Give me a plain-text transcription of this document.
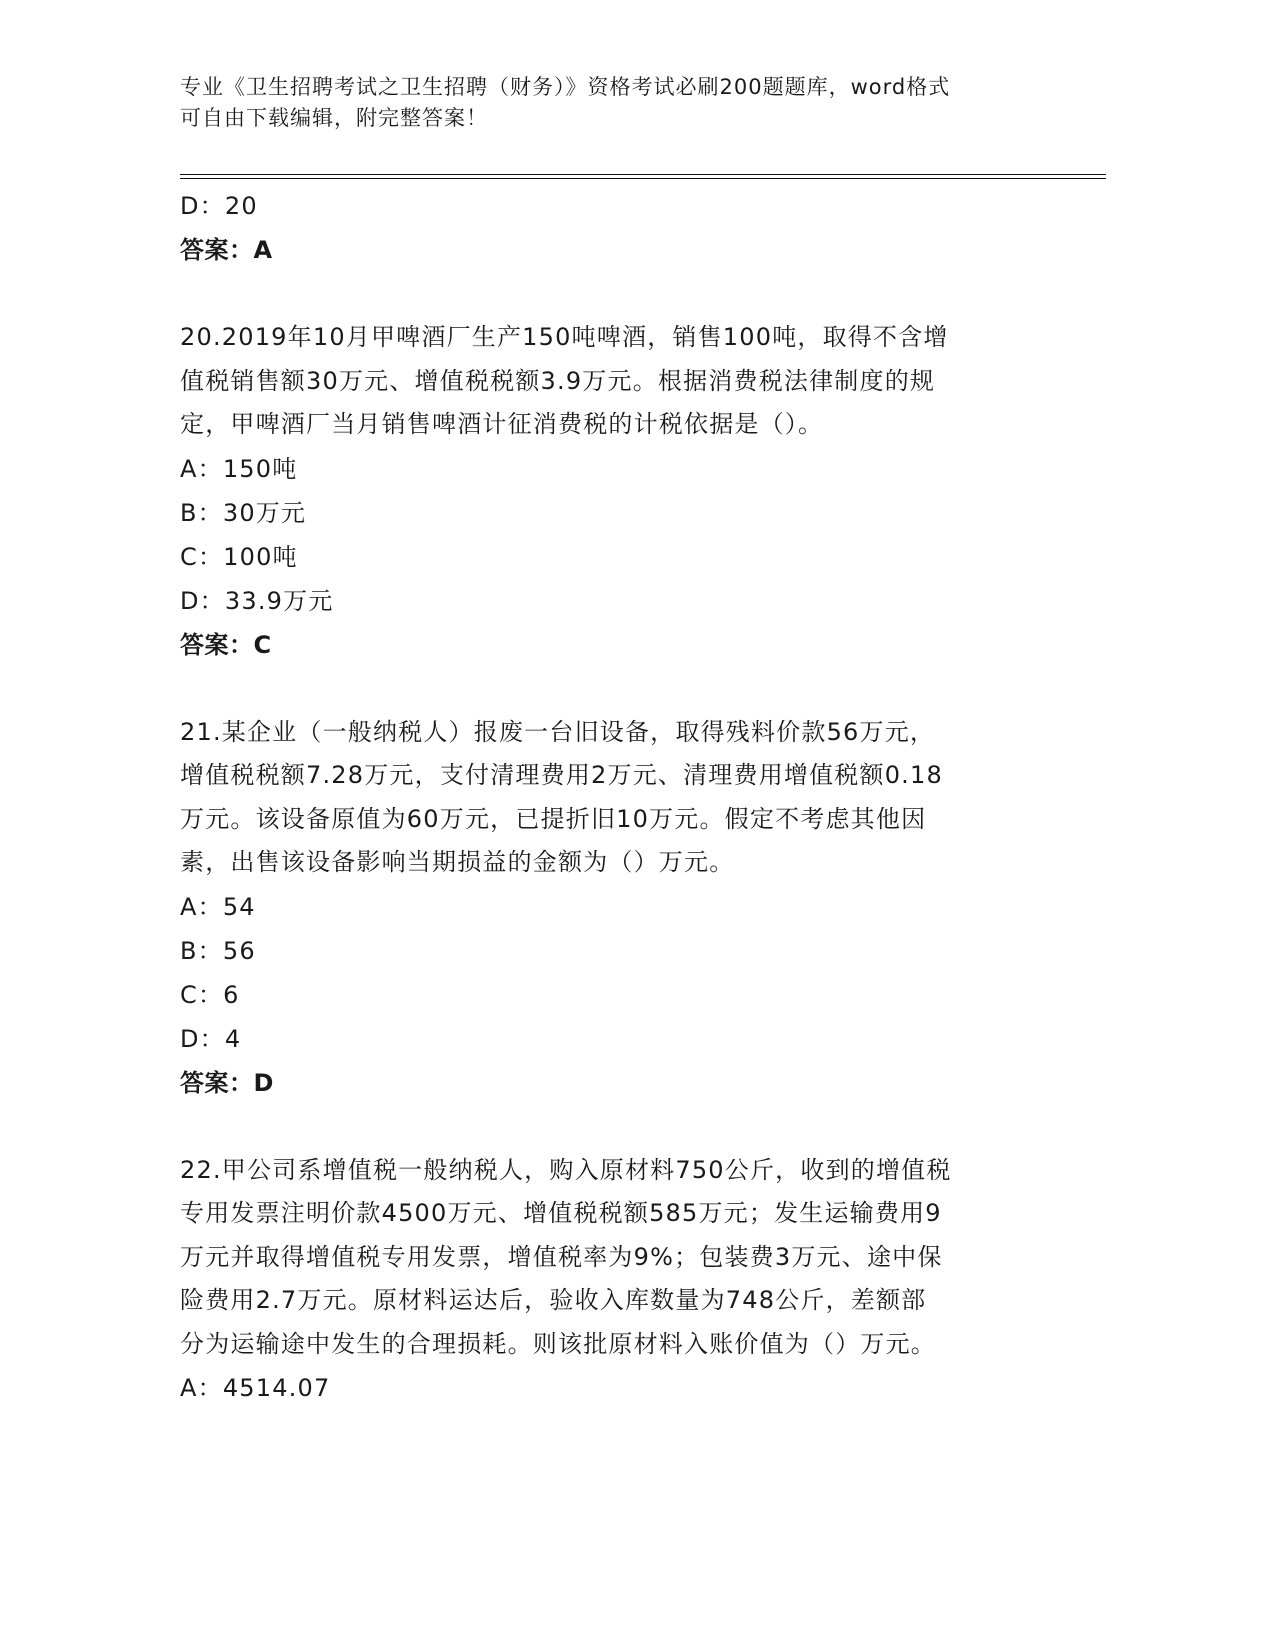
专业《卫生招聘考试之卫生招聘（财务）》资格考试必刷200题题库，word格式
可自由下载编辑，附完整答案！
D：20
答案：A
20.2019年10月甲啤酒厂生产150吨啤酒，销售100吨，取得不含增
值税销售额30万元、增值税税额3.9万元。根据消费税法律制度的规
定，甲啤酒厂当月销售啤酒计征消费税的计税依据是（）。
A：150吨
B：30万元
C：100吨
D：33.9万元
答案：C
21.某企业（一般纳税人）报废一台旧设备，取得残料价款56万元，
增值税税额7.28万元，支付清理费用2万元、清理费用增值税额0.18
万元。该设备原值为60万元，已提折旧10万元。假定不考虑其他因
素，出售该设备影响当期损益的金额为（）万元。
A：54
B：56
C：6
D：4
答案：D
22.甲公司系增值税一般纳税人，购入原材料750公斤，收到的增值税
专用发票注明价款4500万元、增值税税额585万元；发生运输费用9
万元并取得增值税专用发票，增值税率为9%；包装费3万元、途中保
险费用2.7万元。原材料运达后，验收入库数量为748公斤，差额部
分为运输途中发生的合理损耗。则该批原材料入账价值为（）万元。
A：4514.07
